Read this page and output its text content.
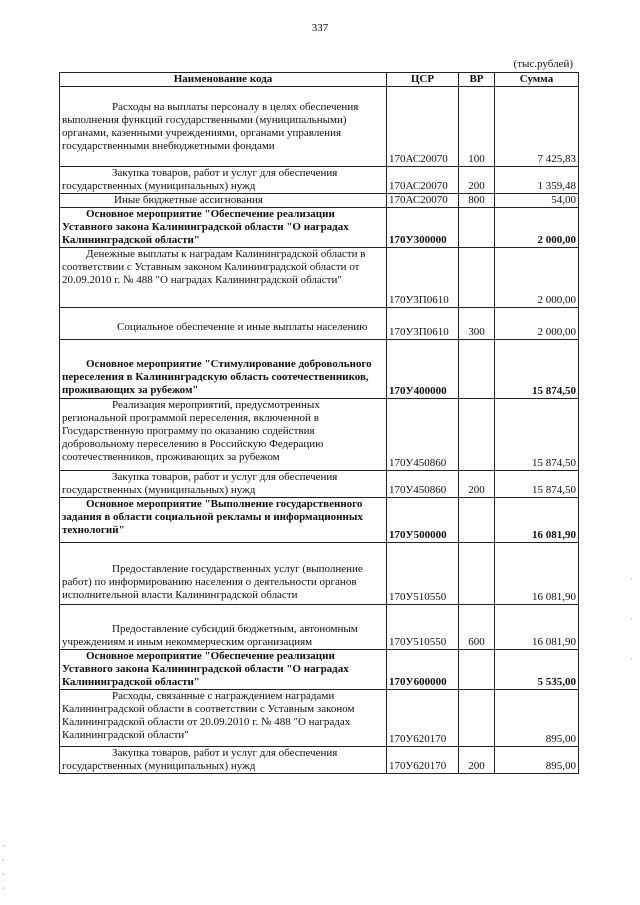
337
(тыс.рублей)
Наименование кода	ЦСР	ВР	Сумма

Расходы на выплаты персоналу в целях обеспечения выполнения функций государственными (муниципальными) органами, казенными учреждениями, органами управления государственными внебюджетными фондами	170АС20070	100	7 425,83

Закупка товаров, работ и услуг для обеспечения государственных (муниципальных) нужд	170АС20070	200	1 359,48

Иные бюджетные ассигнования	170АС20070	800	54,00

Основное мероприятие "Обеспечение реализации Уставного закона Калининградской области "О наградах Калининградской области"	170У300000		2 000,00

Денежные выплаты к наградам Калининградской области в соответствии с Уставным законом Калининградской области от 20.09.2010 г. № 488 "О наградах Калининградской области"	170У3П0610		2 000,00

Социальное обеспечение и иные выплаты населению	170У3П0610	300	2 000,00

Основное мероприятие "Стимулирование добровольного переселения в Калининградскую область соотечественников, проживающих за рубежом"	170У400000		15 874,50

Реализация мероприятий, предусмотренных региональной программой переселения, включенной в Государственную программу по оказанию содействия добровольному переселению в Российскую Федерацию соотечественников, проживающих за рубежом	170У450860		15 874,50

Закупка товаров, работ и услуг для обеспечения государственных (муниципальных) нужд	170У450860	200	15 874,50

Основное мероприятие "Выполнение государственного задания в области социальной рекламы и информационных технологий"	170У500000		16 081,90

Предоставление государственных услуг (выполнение работ) по информированию населения о деятельности органов исполнительной власти Калининградской области	170У510550		16 081,90

Предоставление субсидий бюджетным, автономным учреждениям и иным некоммерческим организациям	170У510550	600	16 081,90

Основное мероприятие "Обеспечение реализации Уставного закона Калининградской области "О наградах Калининградской области"	170У600000		5 535,00

Расходы, связанные с награждением наградами Калининградской области в соответствии с Уставным законом Калининградской области от 20.09.2010 г. № 488 "О наградах Калининградской области"	170У620170		895,00

Закупка товаров, работ и услуг для обеспечения государственных (муниципальных) нужд	170У620170	200	895,00
·
·
·
·
·
·
·
